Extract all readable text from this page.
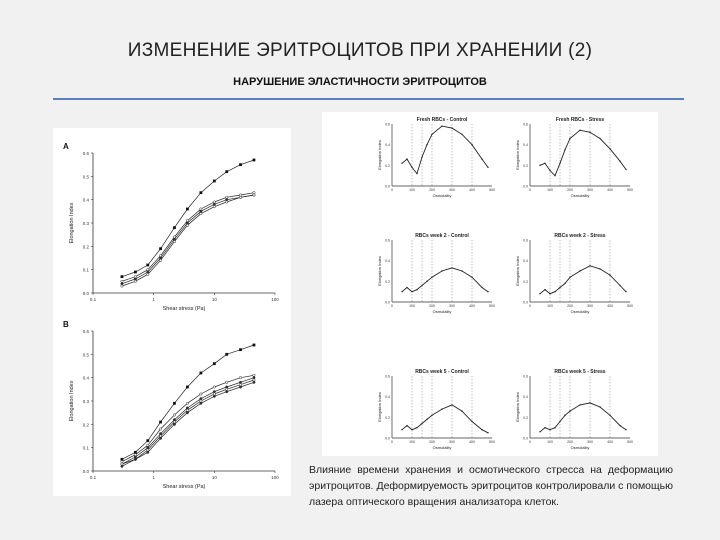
ИЗМЕНЕНИЕ ЭРИТРОЦИТОВ ПРИ ХРАНЕНИИ (2)
НАРУШЕНИЕ ЭЛАСТИЧНОСТИ ЭРИТРОЦИТОВ
A
0.0
0.1
0.2
0.3
0.4
0.5
0.6
0.1	1	10	100
Shear stress (Pa)
Elongation Index
B
0.0
0.1
0.2
0.3
0.4
0.5
0.6
0.1	1	10	100
Shear stress (Pa)
Elongation Index
Fresh RBCs - Control
0.0
0.2
0.4
0.6
0	100	200	300	400	500
Osmolality
Elongation Index
Fresh RBCs - Stress
0.0
0.2
0.4
0.6
0	100	200	300	400	500
Osmolality
Elongation Index
RBCs week 2 - Control
0.0
0.2
0.4
0.6
0	100	200	300	400	500
Osmolality
Elongation Index
RBCs week 2 - Stress
0.0
0.2
0.4
0.6
0	100	200	300	400	500
Osmolality
Elongation Index
RBCs week 5 - Control
0.0
0.2
0.4
0.6
0	100	200	300	400	500
Osmolality
Elongation Index
RBCs week 5 - Stress
0.0
0.2
0.4
0.6
0	100	200	300	400	500
Osmolality
Elongation Index
Влияние времени хранения и осмотического стресса на деформацию эритроцитов. Деформируемость эритроцитов контролировали с помощью лазера оптического вращения анализатора клеток.
